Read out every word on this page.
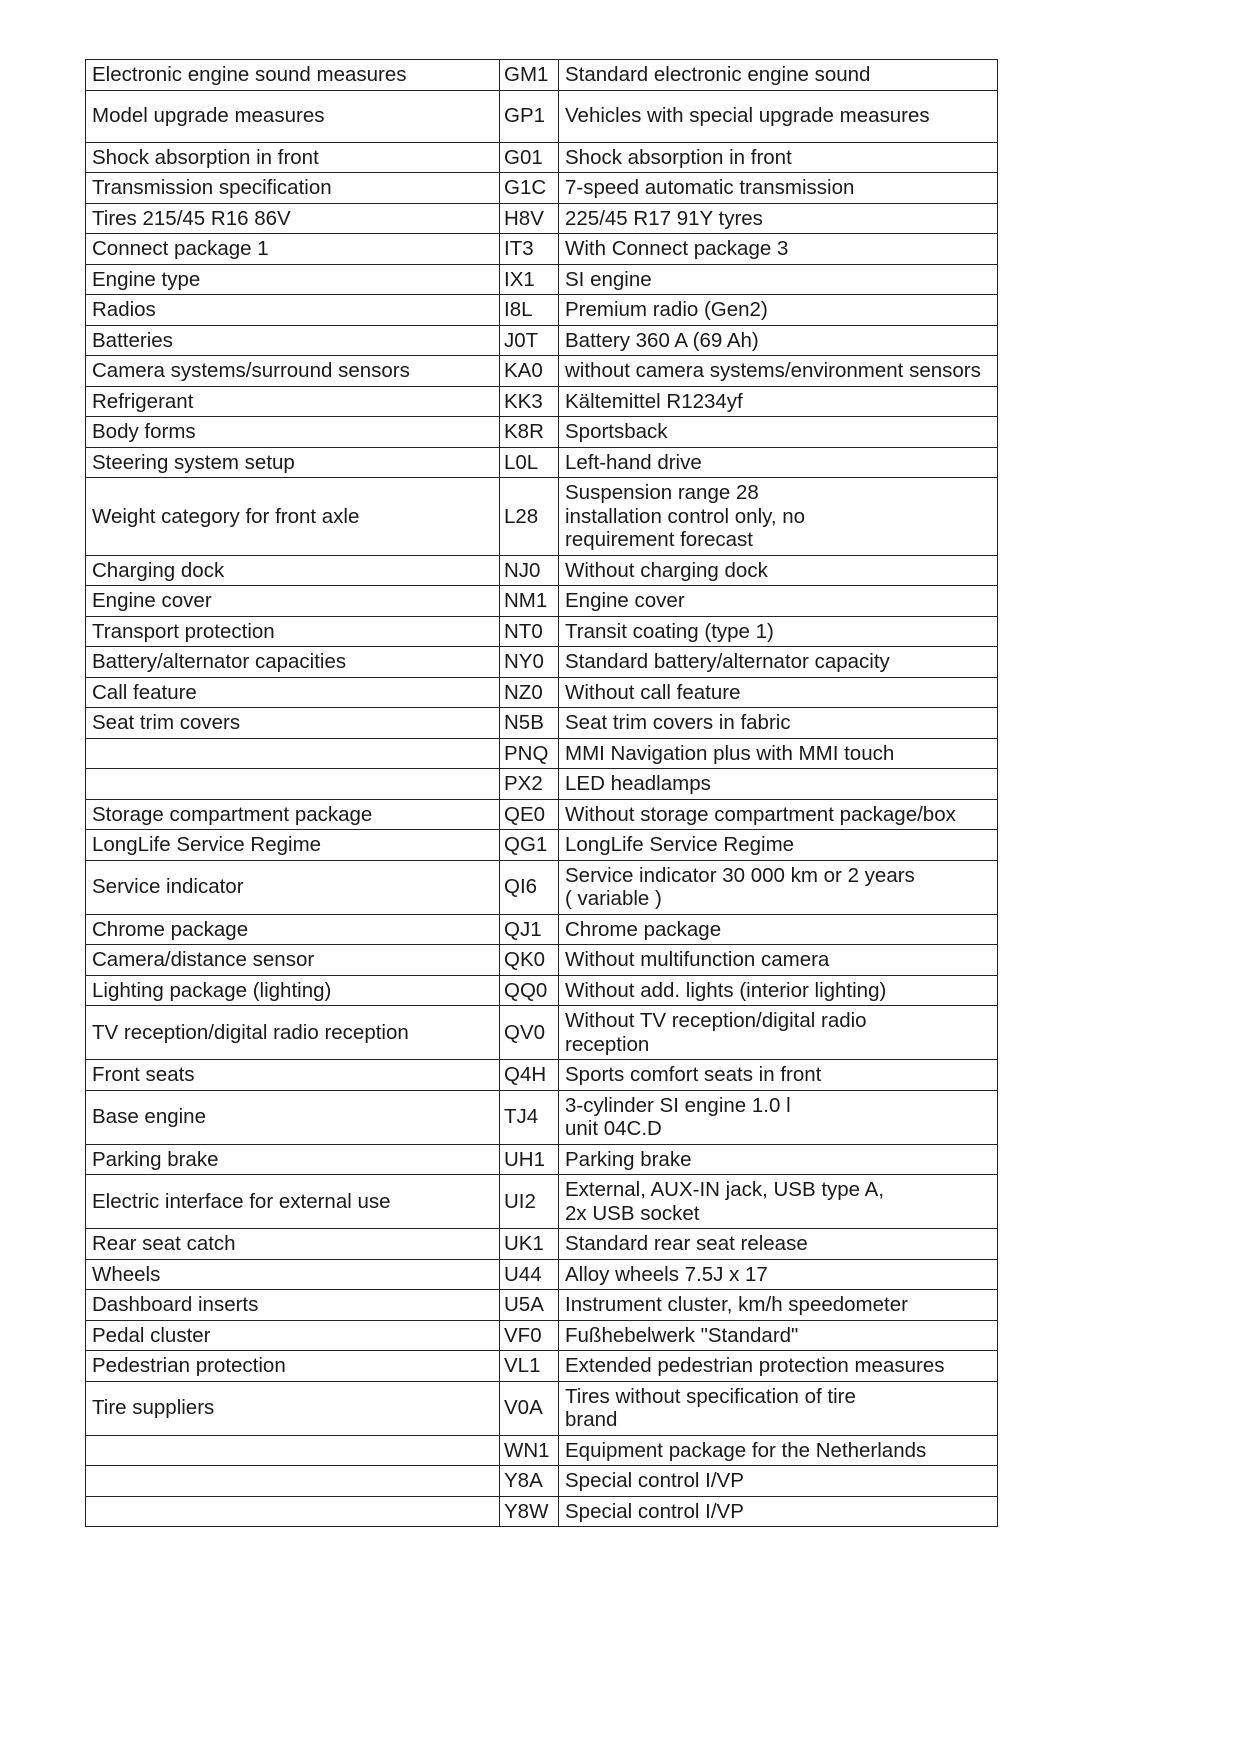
Electronic engine sound measures	GM1	Standard electronic engine sound
Model upgrade measures	GP1	Vehicles with special upgrade measures
Shock absorption in front	G01	Shock absorption in front
Transmission specification	G1C	7-speed automatic transmission
Tires 215/45 R16 86V	H8V	225/45 R17 91Y tyres
Connect package 1	IT3	With Connect package 3
Engine type	IX1	SI engine
Radios	I8L	Premium radio (Gen2)
Batteries	J0T	Battery 360 A (69 Ah)
Camera systems/surround sensors	KA0	without camera systems/environment sensors
Refrigerant	KK3	Kältemittel R1234yf
Body forms	K8R	Sportsback
Steering system setup	L0L	Left-hand drive
Weight category for front axle	L28	Suspension range 28
installation control only, no
requirement forecast
Charging dock	NJ0	Without charging dock
Engine cover	NM1	Engine cover
Transport protection	NT0	Transit coating (type 1)
Battery/alternator capacities	NY0	Standard battery/alternator capacity
Call feature	NZ0	Without call feature
Seat trim covers	N5B	Seat trim covers in fabric
	PNQ	MMI Navigation plus with MMI touch
	PX2	LED headlamps
Storage compartment package	QE0	Without storage compartment package/box
LongLife Service Regime	QG1	LongLife Service Regime
Service indicator	QI6	Service indicator 30 000 km or 2 years
( variable )
Chrome package	QJ1	Chrome package
Camera/distance sensor	QK0	Without multifunction camera
Lighting package (lighting)	QQ0	Without add. lights (interior lighting)
TV reception/digital radio reception	QV0	Without TV reception/digital radio
reception
Front seats	Q4H	Sports comfort seats in front
Base engine	TJ4	3-cylinder SI engine 1.0 l
unit 04C.D
Parking brake	UH1	Parking brake
Electric interface for external use	UI2	External, AUX-IN jack, USB type A,
2x USB socket
Rear seat catch	UK1	Standard rear seat release
Wheels	U44	Alloy wheels 7.5J x 17
Dashboard inserts	U5A	Instrument cluster, km/h speedometer
Pedal cluster	VF0	Fußhebelwerk "Standard"
Pedestrian protection	VL1	Extended pedestrian protection measures
Tire suppliers	V0A	Tires without specification of tire
brand
	WN1	Equipment package for the Netherlands
	Y8A	Special control I/VP
	Y8W	Special control I/VP
